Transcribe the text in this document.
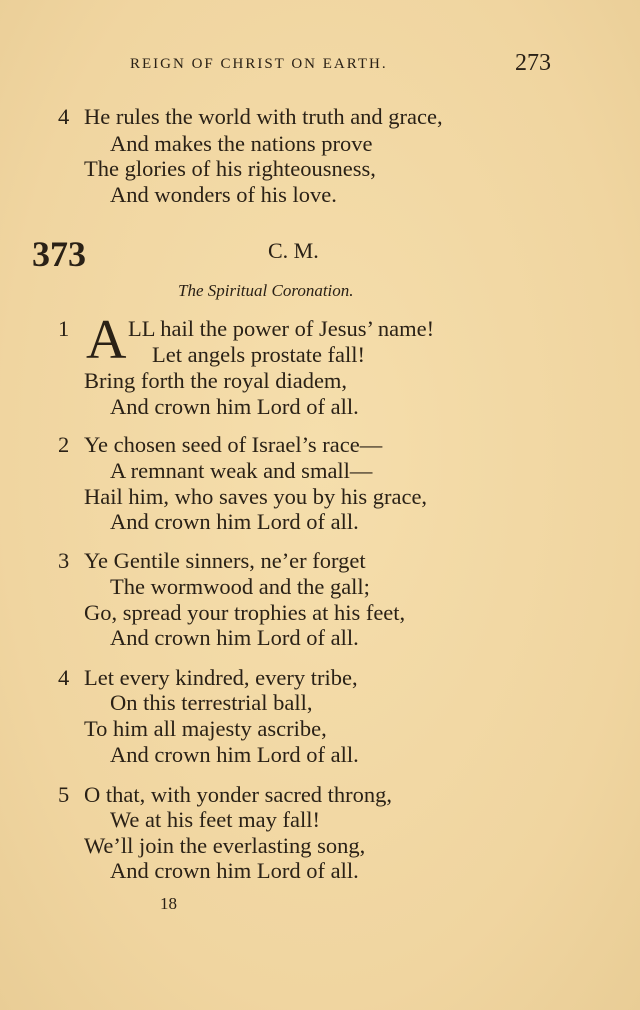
REIGN OF CHRIST ON EARTH.	273
4 He rules the world with truth and grace,
And makes the nations prove
The glories of his righteousness,
And wonders of his love.
373	C. M.
The Spiritual Coronation.
1 A LL hail the power of Jesus’ name!
Let angels prostate fall!
Bring forth the royal diadem,
And crown him Lord of all.
2 Ye chosen seed of Israel’s race—
A remnant weak and small—
Hail him, who saves you by his grace,
And crown him Lord of all.
3 Ye Gentile sinners, ne’er forget
The wormwood and the gall;
Go, spread your trophies at his feet,
And crown him Lord of all.
4 Let every kindred, every tribe,
On this terrestrial ball,
To him all majesty ascribe,
And crown him Lord of all.
5 O that, with yonder sacred throng,
We at his feet may fall!
We’ll join the everlasting song,
And crown him Lord of all.
18
